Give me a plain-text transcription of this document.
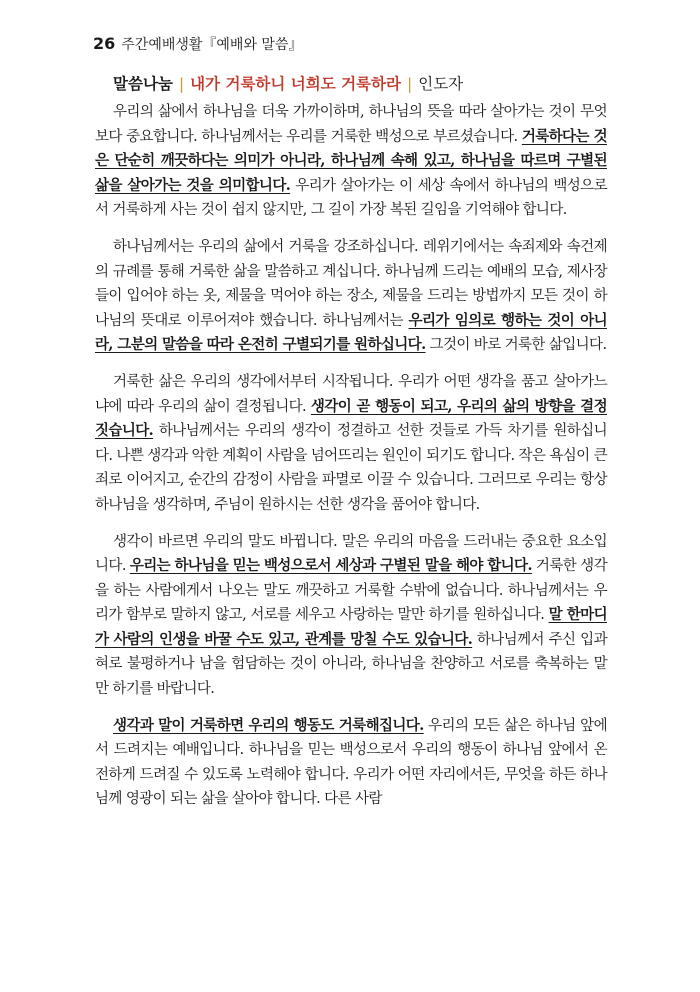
26 주간예배생활『예배와 말씀』
말씀나눔 | 내가 거룩하니 너희도 거룩하라 | 인도자

우리의 삶에서 하나님을 더욱 가까이하며, 하나님의 뜻을 따라 살아가는 것이 무엇보다 중요합니다. 하나님께서는 우리를 거룩한 백성으로 부르셨습니다. 거룩하다는 것은 단순히 깨끗하다는 의미가 아니라, 하나님께 속해 있고, 하나님을 따르며 구별된 삶을 살아가는 것을 의미합니다. 우리가 살아가는 이 세상 속에서 하나님의 백성으로서 거룩하게 사는 것이 쉽지 않지만, 그 길이 가장 복된 길임을 기억해야 합니다.

하나님께서는 우리의 삶에서 거룩을 강조하십니다. 레위기에서는 속죄제와 속건제의 규례를 통해 거룩한 삶을 말씀하고 계십니다. 하나님께 드리는 예배의 모습, 제사장들이 입어야 하는 옷, 제물을 먹어야 하는 장소, 제물을 드리는 방법까지 모든 것이 하나님의 뜻대로 이루어져야 했습니다. 하나님께서는 우리가 임의로 행하는 것이 아니라, 그분의 말씀을 따라 온전히 구별되기를 원하십니다. 그것이 바로 거룩한 삶입니다.

거룩한 삶은 우리의 생각에서부터 시작됩니다. 우리가 어떤 생각을 품고 살아가느냐에 따라 우리의 삶이 결정됩니다. 생각이 곧 행동이 되고, 우리의 삶의 방향을 결정짓습니다. 하나님께서는 우리의 생각이 정결하고 선한 것들로 가득 차기를 원하십니다. 나쁜 생각과 악한 계획이 사람을 넘어뜨리는 원인이 되기도 합니다. 작은 욕심이 큰 죄로 이어지고, 순간의 감정이 사람을 파멸로 이끌 수 있습니다. 그러므로 우리는 항상 하나님을 생각하며, 주님이 원하시는 선한 생각을 품어야 합니다.

생각이 바르면 우리의 말도 바뀝니다. 말은 우리의 마음을 드러내는 중요한 요소입니다. 우리는 하나님을 믿는 백성으로서 세상과 구별된 말을 해야 합니다. 거룩한 생각을 하는 사람에게서 나오는 말도 깨끗하고 거룩할 수밖에 없습니다. 하나님께서는 우리가 함부로 말하지 않고, 서로를 세우고 사랑하는 말만 하기를 원하십니다. 말 한마디가 사람의 인생을 바꿀 수도 있고, 관계를 망칠 수도 있습니다. 하나님께서 주신 입과 혀로 불평하거나 남을 험담하는 것이 아니라, 하나님을 찬양하고 서로를 축복하는 말만 하기를 바랍니다.

생각과 말이 거룩하면 우리의 행동도 거룩해집니다. 우리의 모든 삶은 하나님 앞에서 드려지는 예배입니다. 하나님을 믿는 백성으로서 우리의 행동이 하나님 앞에서 온전하게 드려질 수 있도록 노력해야 합니다. 우리가 어떤 자리에서든, 무엇을 하든 하나님께 영광이 되는 삶을 살아야 합니다. 다른 사람
